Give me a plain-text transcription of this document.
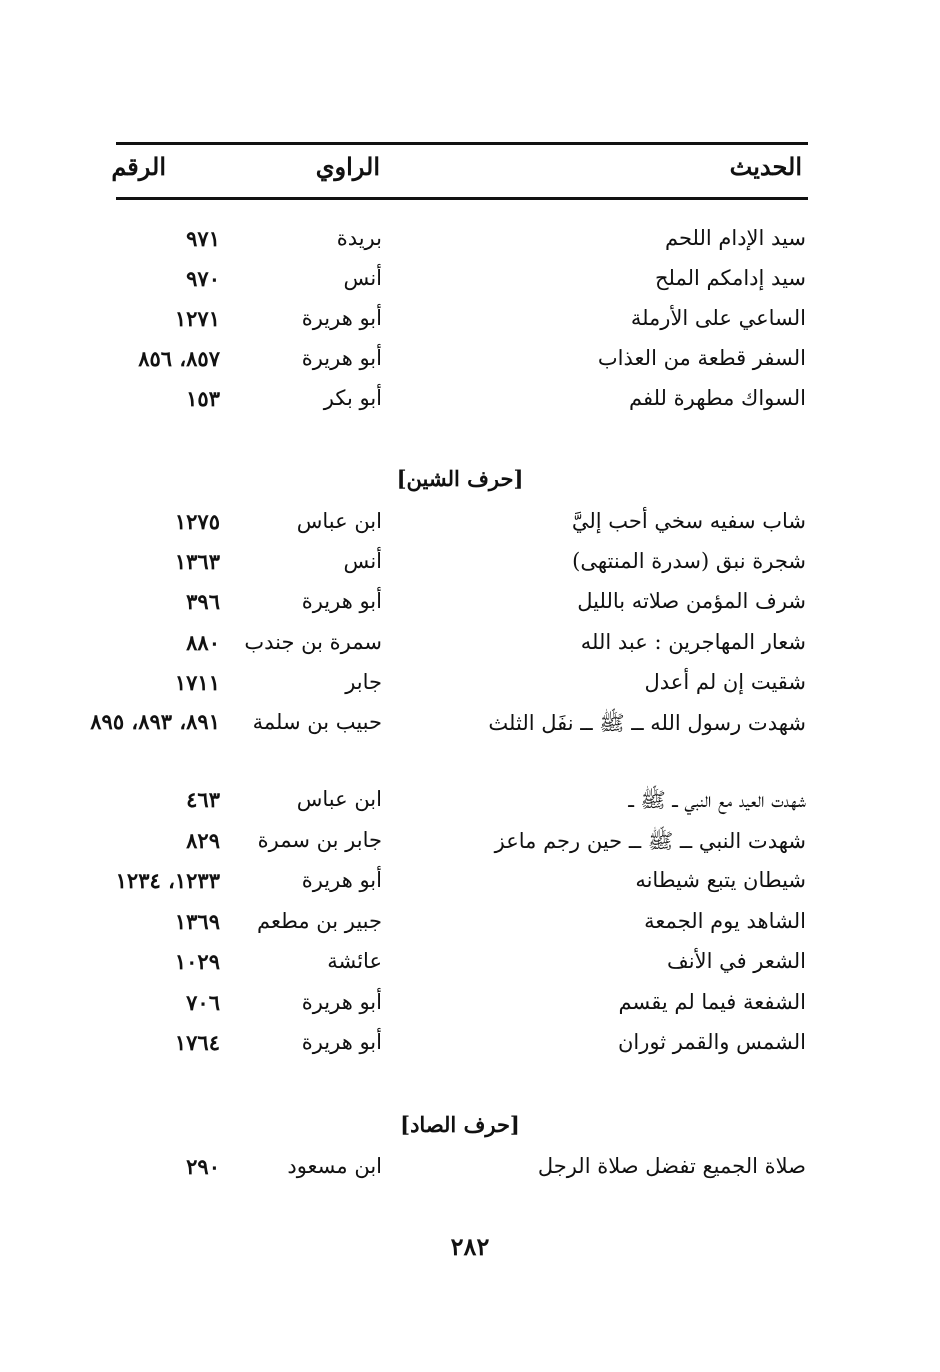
الحديث
الراوي
الرقم
سيد الإدام اللحم
بريدة
٩٧١
سيد إدامكم الملح
أنس
٩٧٠
الساعي على الأرملة
أبو هريرة
١٢٧١
السفر قطعة من العذاب
أبو هريرة
٨٥٧، ٨٥٦
السواك مطهرة للفم
أبو بكر
١٥٣
[حرف الشين]
شاب سفيه سخي أحب إليَّ
ابن عباس
١٢٧٥
شجرة نبق (سدرة المنتهى)
أنس
١٣٦٣
شرف المؤمن صلاته بالليل
أبو هريرة
٣٩٦
شعار المهاجرين : عبد الله
سمرة بن جندب
٨٨٠
شقيت إن لم أعدل
جابر
١٧١١
شهدت رسول الله ــ ﷺ ــ نفَل الثلث
حبيب بن سلمة
٨٩١، ٨٩٣، ٨٩٥
شهدت العيد مع النبي ــ ﷺ ــ
ابن عباس
٤٦٣
شهدت النبي ــ ﷺ ــ حين رجم ماعز
جابر بن سمرة
٨٢٩
شيطان يتبع شيطانه
أبو هريرة
١٢٣٣، ١٢٣٤
الشاهد يوم الجمعة
جبير بن مطعم
١٣٦٩
الشعر في الأنف
عائشة
١٠٢٩
الشفعة فيما لم يقسم
أبو هريرة
٧٠٦
الشمس والقمر ثوران
أبو هريرة
١٧٦٤
[حرف الصاد]
صلاة الجميع تفضل صلاة الرجل
ابن مسعود
٢٩٠
٢٨٢
